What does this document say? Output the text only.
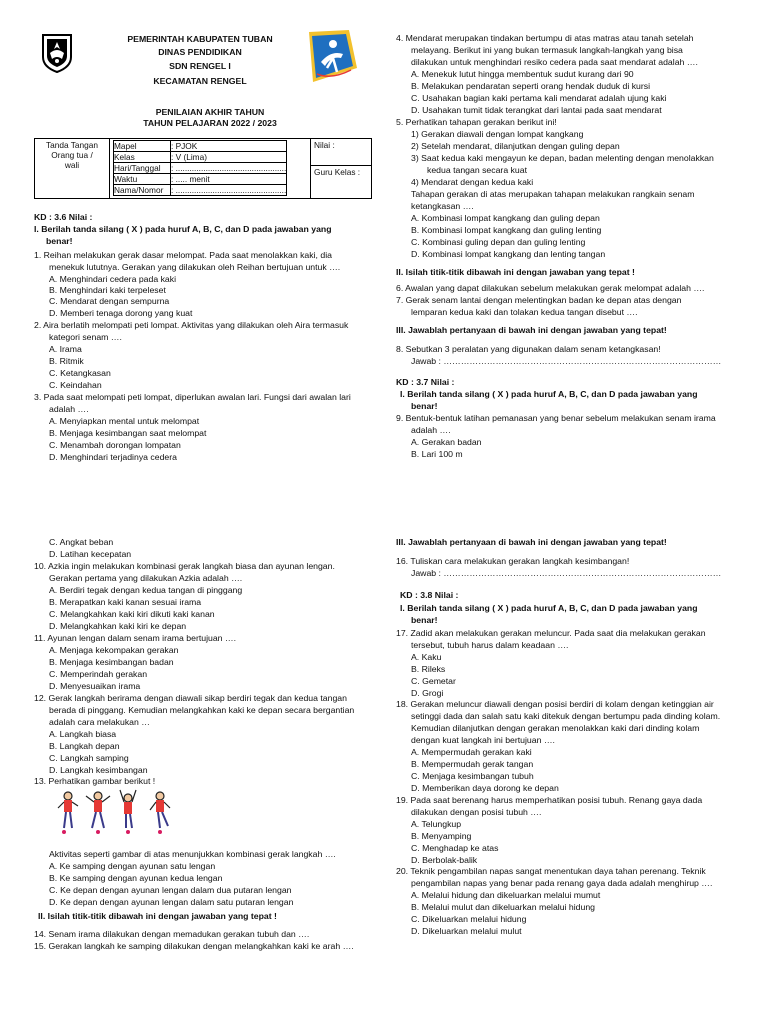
PEMERINTAH KABUPATEN TUBAN
DINAS PENDIDIKAN
SDN RENGEL I
KECAMATAN RENGEL
PENILAIAN AKHIR TAHUN
TAHUN PELAJARAN 2022 / 2023
Tanda Tangan
Orang tua /
wali

Mapel	: PJOK
Kelas	: V (Lima)
Hari/Tanggal	: ................................................
Waktu	: ..... menit
Nama/Nomor	: ................................................
	Nilai :
Guru Kelas :
KD : 3.6 Nilai :
I. Berilah tanda silang ( X ) pada huruf A, B, C, dan D pada jawaban yang
benar!
1. Reihan melakukan gerak dasar melompat. Pada saat menolakkan kaki, dia
menekuk lututnya. Gerakan yang dilakukan oleh Reihan bertujuan untuk ….
A. Menghindari cedera pada kaki
B. Menghindari kaki terpeleset
C. Mendarat dengan sempurna
D. Memberi tenaga dorong yang kuat
2. Aira berlatih melompati peti lompat. Aktivitas yang dilakukan oleh Aira termasuk
kategori senam ….
A. Irama
B. Ritmik
C. Ketangkasan
C. Keindahan
3. Pada saat melompati peti lompat, diperlukan awalan lari. Fungsi dari awalan lari
adalah ….
A. Menyiapkan mental untuk melompat
B. Menjaga kesimbangan saat melompat
C. Menambah dorongan lompatan
D. Menghindari terjadinya cedera
4. Mendarat merupakan tindakan bertumpu di atas matras atau tanah setelah
melayang. Berikut ini yang bukan termasuk langkah-langkah yang bisa
dilakukan untuk menghindari resiko cedera pada saat mendarat adalah ….
A. Menekuk lutut hingga membentuk sudut kurang dari 90
B. Melakukan pendaratan seperti orang hendak duduk di kursi
C. Usahakan bagian kaki pertama kali mendarat adalah ujung kaki
D. Usahakan tumit tidak terangkat dari lantai pada saat mendarat
5. Perhatikan tahapan gerakan berikut ini!
1) Gerakan diawali dengan lompat kangkang
2) Setelah mendarat, dilanjutkan dengan guling depan
3) Saat kedua kaki mengayun ke depan, badan melenting dengan menolakkan
kedua tangan secara kuat
4) Mendarat dengan kedua kaki
Tahapan gerakan di atas merupakan tahapan melakukan rangkain senam
ketangkasan ….
A. Kombinasi lompat kangkang dan guling depan
B. Kombinasi lompat kangkang dan guling lenting
C. Kombinasi guling depan dan guling lenting
D. Kombinasi lompat kangkang dan lenting tangan
II. Isilah titik-titik dibawah ini dengan jawaban yang tepat !
6. Awalan yang dapat dilakukan sebelum melakukan gerak melompat adalah ….
7. Gerak senam lantai dengan melentingkan badan ke depan atas dengan
lemparan kedua kaki dan tolakan kedua tangan disebut ….
III. Jawablah pertanyaan di bawah ini dengan jawaban yang tepat!
8. Sebutkan 3 peralatan yang digunakan dalam senam ketangkasan!
Jawab : ……………………………………………………………………………………
KD : 3.7 Nilai :
I. Berilah tanda silang ( X ) pada huruf A, B, C, dan D pada jawaban yang
benar!
9. Bentuk-bentuk latihan pemanasan yang benar sebelum melakukan senam irama
adalah ….
A. Gerakan badan
B. Lari 100 m
C. Angkat beban
D. Latihan kecepatan
10. Azkia ingin melakukan kombinasi gerak langkah biasa dan ayunan lengan.
Gerakan pertama yang dilakukan Azkia adalah ….
A. Berdiri tegak dengan kedua tangan di pinggang
B. Merapatkan kaki kanan sesuai irama
C. Melangkahkan kaki kiri dikuti kaki kanan
D. Melangkahkan kaki kiri ke depan
11. Ayunan lengan dalam senam irama bertujuan ….
A. Menjaga kekompakan gerakan
B. Menjaga kesimbangan badan
C. Memperindah gerakan
D. Menyesuaikan irama
12. Gerak langkah berirama dengan diawali sikap berdiri tegak dan kedua tangan
berada di pinggang. Kemudian melangkahkan kaki ke depan secara bergantian
adalah cara melakukan …
A. Langkah biasa
B. Langkah depan
C. Langkah samping
D. Langkah kesimbangan
13. Perhatikan gambar berikut !
Aktivitas seperti gambar di atas menunjukkan kombinasi gerak langkah ….
A. Ke samping dengan ayunan satu lengan
B. Ke samping dengan ayunan kedua lengan
C. Ke depan dengan ayunan lengan dalam dua putaran lengan
D. Ke depan dengan ayunan lengan dalam satu putaran lengan
II. Isilah titik-titik dibawah ini dengan jawaban yang tepat !
14. Senam irama dilakukan dengan memadukan gerakan tubuh dan ….
15. Gerakan langkah ke samping dilakukan dengan melangkahkan kaki ke arah ….
III. Jawablah pertanyaan di bawah ini dengan jawaban yang tepat!
16. Tuliskan cara melakukan gerakan langkah kesimbangan!
Jawab : ……………………………………………………………………………………
KD : 3.8 Nilai :
I. Berilah tanda silang ( X ) pada huruf A, B, C, dan D pada jawaban yang
benar!
17. Zadid akan melakukan gerakan meluncur. Pada saat dia melakukan gerakan
tersebut, tubuh harus dalam keadaan ….
A. Kaku
B. Rileks
C. Gemetar
D. Grogi
18. Gerakan meluncur diawali dengan posisi berdiri di kolam dengan ketinggian air
setinggi dada dan salah satu kaki ditekuk dengan bertumpu pada dinding kolam.
Kemudian dilanjutkan dengan gerakan menolakkan kaki dari dinding kolam
dengan kuat langkah ini bertujuan ….
A. Mempermudah gerakan kaki
B. Mempermudah gerak tangan
C. Menjaga kesimbangan tubuh
D. Memberikan daya dorong ke depan
19. Pada saat berenang harus memperhatikan posisi tubuh. Renang gaya dada
dilakukan dengan posisi tubuh ….
A. Telungkup
B. Menyamping
C. Menghadap ke atas
D. Berbolak-balik
20. Teknik pengambilan napas sangat menentukan daya tahan perenang. Teknik
pengambilan napas yang benar pada renang gaya dada adalah menghirup ….
A. Melalui hidung dan dikeluarkan melalui mumut
B. Melalui mulut dan dikeluarkan melalui hidung
C. Dikeluarkan melalui hidung
D. Dikeluarkan melalui mulut
